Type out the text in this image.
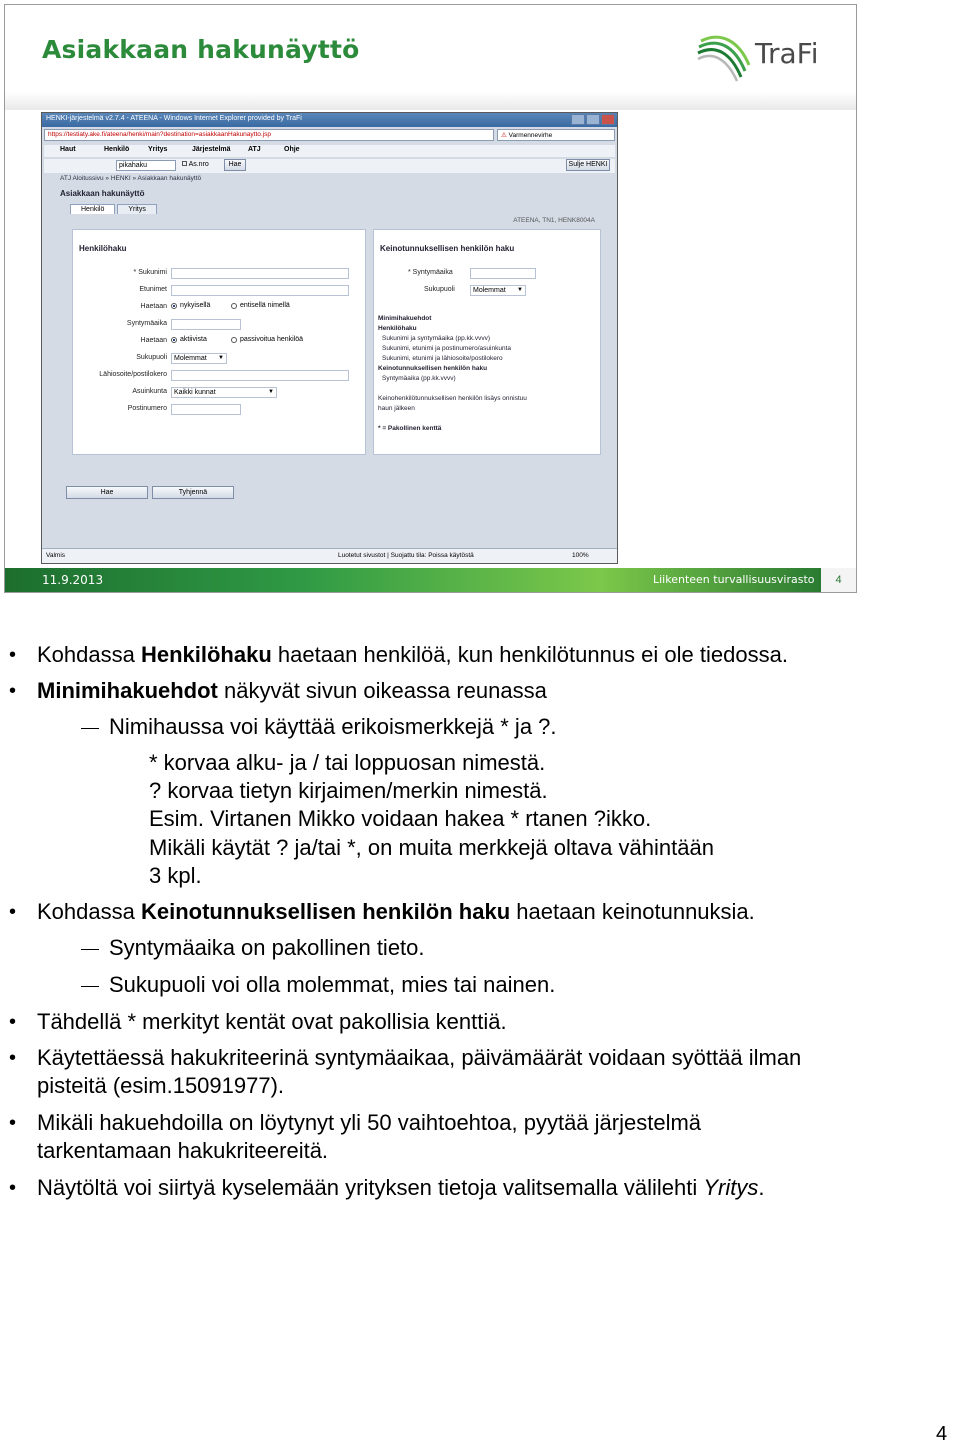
Asiakkaan hakunäyttö	TraFi
HENKI-järjestelmä v2.7.4 - ATEENA - Windows Internet Explorer provided by TraFi
https://testiaty.ake.fi/ateena/henki/main?destination=asiakkaanHakunaytto.jsp	⚠ Varmennevirhe
Haut	Henkilö	Yritys	Järjestelmä	ATJ	Ohje
pikahaku	As.nro	Hae	Sulje HENKI
ATJ Aloitussivu » HENKI » Asiakkaan hakunäyttö
Asiakkaan hakunäyttö
Henkilö	Yritys
ATEENA, TN1, HENK8004A
Henkilöhaku
* Sukunimi
Etunimet
Haetaan nykyisellä	entisellä nimellä
Syntymäaika
Haetaan aktiivista	passivoitua henkilöä
Sukupuoli	Molemmat ▼
Lähiosoite/postilokero
Asuinkunta	Kaikki kunnat	▼
Postinumero
Keinotunnuksellisen henkilön haku
* Syntymäaika
Sukupuoli	Molemmat ▼
Minimihakuehdot
Henkilöhaku
Sukunimi ja syntymäaika (pp.kk.vvvv)
Sukunimi, etunimi ja postinumero/asuinkunta
Sukunimi, etunimi ja lähiosoite/postilokero
Keinotunnuksellisen henkilön haku
Syntymäaika (pp.kk.vvvv)
Keinohenkilötunnuksellisen henkilön lisäys onnistuu
haun jälkeen
* = Pakollinen kenttä
Hae	Tyhjennä
Valmis	Luotetut sivustot | Suojattu tila: Poissa käytöstä	100%
11.9.2013	Liikenteen turvallisuusvirasto	4
• Kohdassa Henkilöhaku haetaan henkilöä, kun henkilötunnus ei ole tiedossa.
• Minimihakuehdot näkyvät sivun oikeassa reunassa
Nimihaussa voi käyttää erikoismerkkejä * ja ?.
* korvaa alku- ja / tai loppuosan nimestä.
? korvaa tietyn kirjaimen/merkin nimestä.
Esim. Virtanen Mikko voidaan hakea * rtanen ?ikko.
Mikäli käytät ? ja/tai *, on muita merkkejä oltava vähintään
3 kpl.
• Kohdassa Keinotunnuksellisen henkilön haku haetaan keinotunnuksia.
Syntymäaika on pakollinen tieto.
Sukupuoli voi olla molemmat, mies tai nainen.
• Tähdellä * merkityt kentät ovat pakollisia kenttiä.
• Käytettäessä hakukriteerinä syntymäaikaa, päivämäärät voidaan syöttää ilman
pisteitä (esim.15091977).
• Mikäli hakuehdoilla on löytynyt yli 50 vaihtoehtoa, pyytää järjestelmä
tarkentamaan hakukriteereitä.
• Näytöltä voi siirtyä kyselemään yrityksen tietoja valitsemalla välilehti Yritys.
4
